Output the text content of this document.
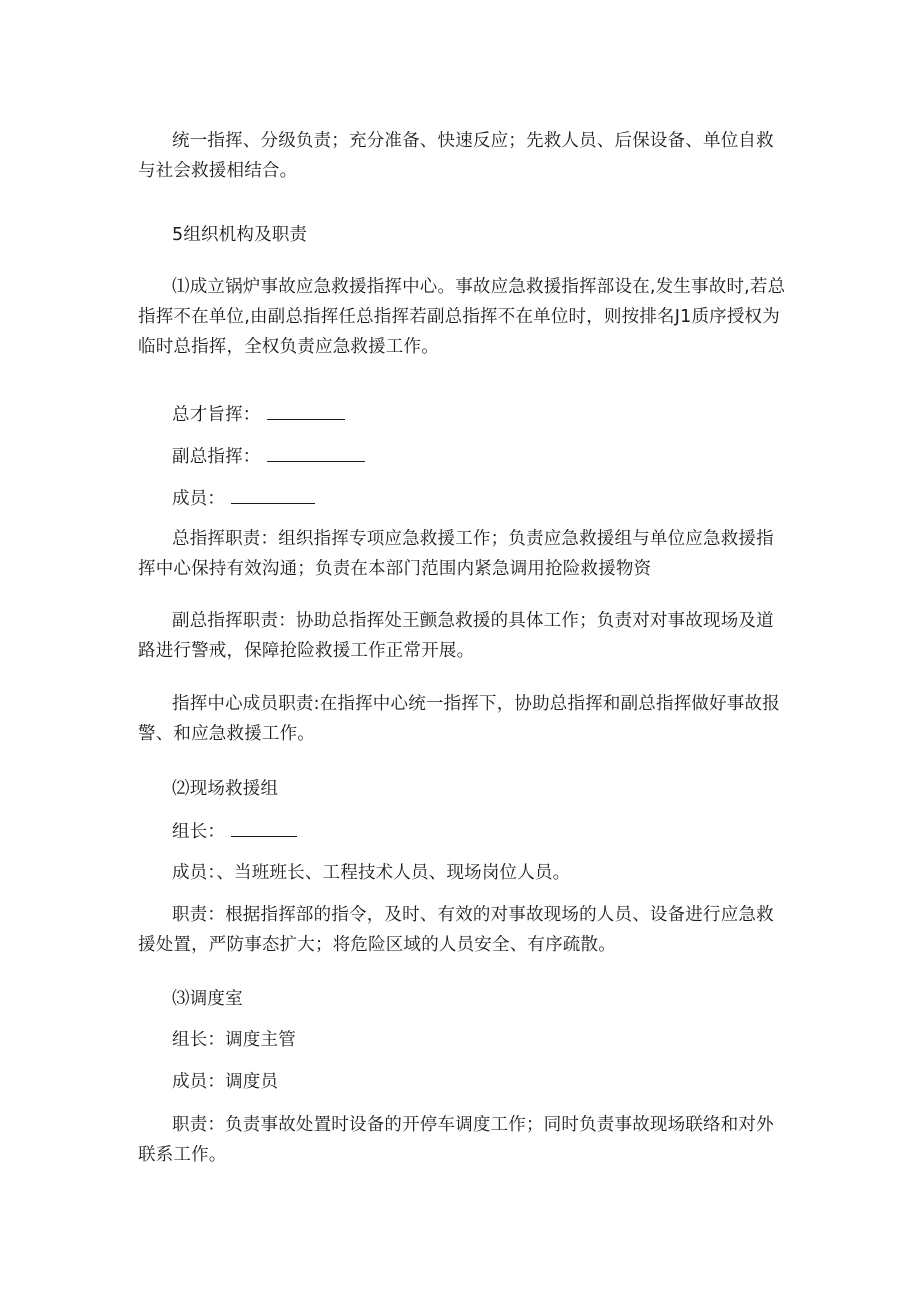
统一指挥、分级负责；充分准备、快速反应；先救人员、后保设备、单位自救与社会救援相结合。

5组织机构及职责

⑴成立锅炉事故应急救援指挥中心。事故应急救援指挥部设在,发生事故时,若总指挥不在单位,由副总指挥任总指挥若副总指挥不在单位时，则按排名J1质序授权为临时总指挥，全权负责应急救援工作。

总才旨挥：
副总指挥：
成员：

总指挥职责：组织指挥专项应急救援工作；负责应急救援组与单位应急救援指挥中心保持有效沟通；负责在本部门范围内紧急调用抢险救援物资

副总指挥职责：协助总指挥处王颤急救援的具体工作；负责对对事故现场及道路进行警戒，保障抢险救援工作正常开展。

指挥中心成员职责:在指挥中心统一指挥下，协助总指挥和副总指挥做好事故报警、和应急救援工作。

⑵现场救援组

组长：

成员：、当班班长、工程技术人员、现场岗位人员。

职责：根据指挥部的指令，及时、有效的对事故现场的人员、设备进行应急救援处置，严防事态扩大；将危险区域的人员安全、有序疏散。

⑶调度室

组长：调度主管

成员：调度员

职责：负责事故处置时设备的开停车调度工作；同时负责事故现场联络和对外联系工作。
